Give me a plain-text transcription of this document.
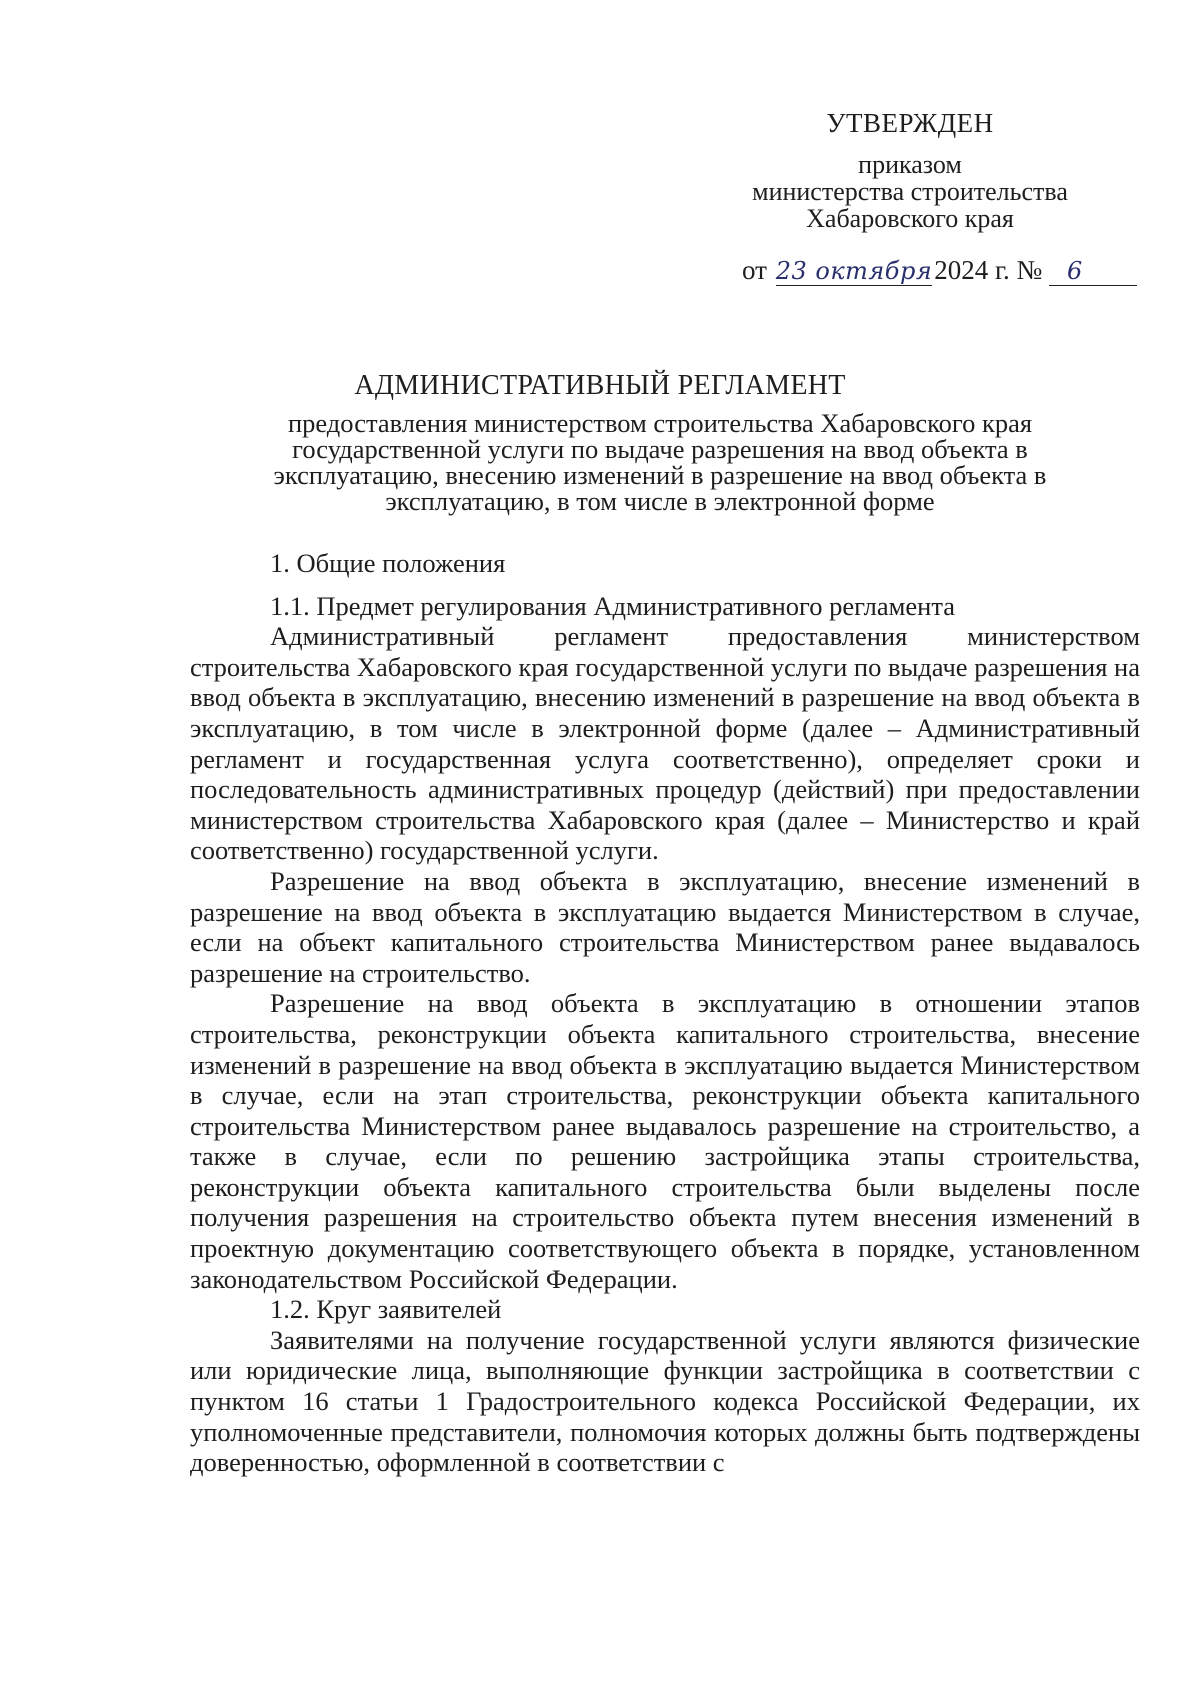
УТВЕРЖДЕН
приказом
министерства строительства
Хабаровского края
от 23 октября2024 г. № 6
АДМИНИСТРАТИВНЫЙ РЕГЛАМЕНТ
предоставления министерством строительства Хабаровского края
государственной услуги по выдаче разрешения на ввод объекта в
эксплуатацию, внесению изменений в разрешение на ввод объекта в
эксплуатацию, в том числе в электронной форме

1. Общие положения

1.1. Предмет регулирования Административного регламента

Административный регламент предоставления министерством строительства Хабаровского края государственной услуги по выдаче разрешения на ввод объекта в эксплуатацию, внесению изменений в разрешение на ввод объекта в эксплуатацию, в том числе в электронной форме (далее – Административный регламент и государственная услуга соответственно), определяет сроки и последовательность административных процедур (действий) при предоставлении министерством строительства Хабаровского края (далее – Министерство и край соответственно) государственной услуги.

Разрешение на ввод объекта в эксплуатацию, внесение изменений в разрешение на ввод объекта в эксплуатацию выдается Министерством в случае, если на объект капитального строительства Министерством ранее выдавалось разрешение на строительство.

Разрешение на ввод объекта в эксплуатацию в отношении этапов строительства, реконструкции объекта капитального строительства, внесение изменений в разрешение на ввод объекта в эксплуатацию выдается Министерством в случае, если на этап строительства, реконструкции объекта капитального строительства Министерством ранее выдавалось разрешение на строительство, а также в случае, если по решению застройщика этапы строительства, реконструкции объекта капитального строительства были выделены после получения разрешения на строительство объекта путем внесения изменений в проектную документацию соответствующего объекта в порядке, установленном законодательством Российской Федерации.

1.2. Круг заявителей

Заявителями на получение государственной услуги являются физические или юридические лица, выполняющие функции застройщика в соответствии с пунктом 16 статьи 1 Градостроительного кодекса Российской Федерации, их уполномоченные представители, полномочия которых должны быть подтверждены доверенностью, оформленной в соответствии с
